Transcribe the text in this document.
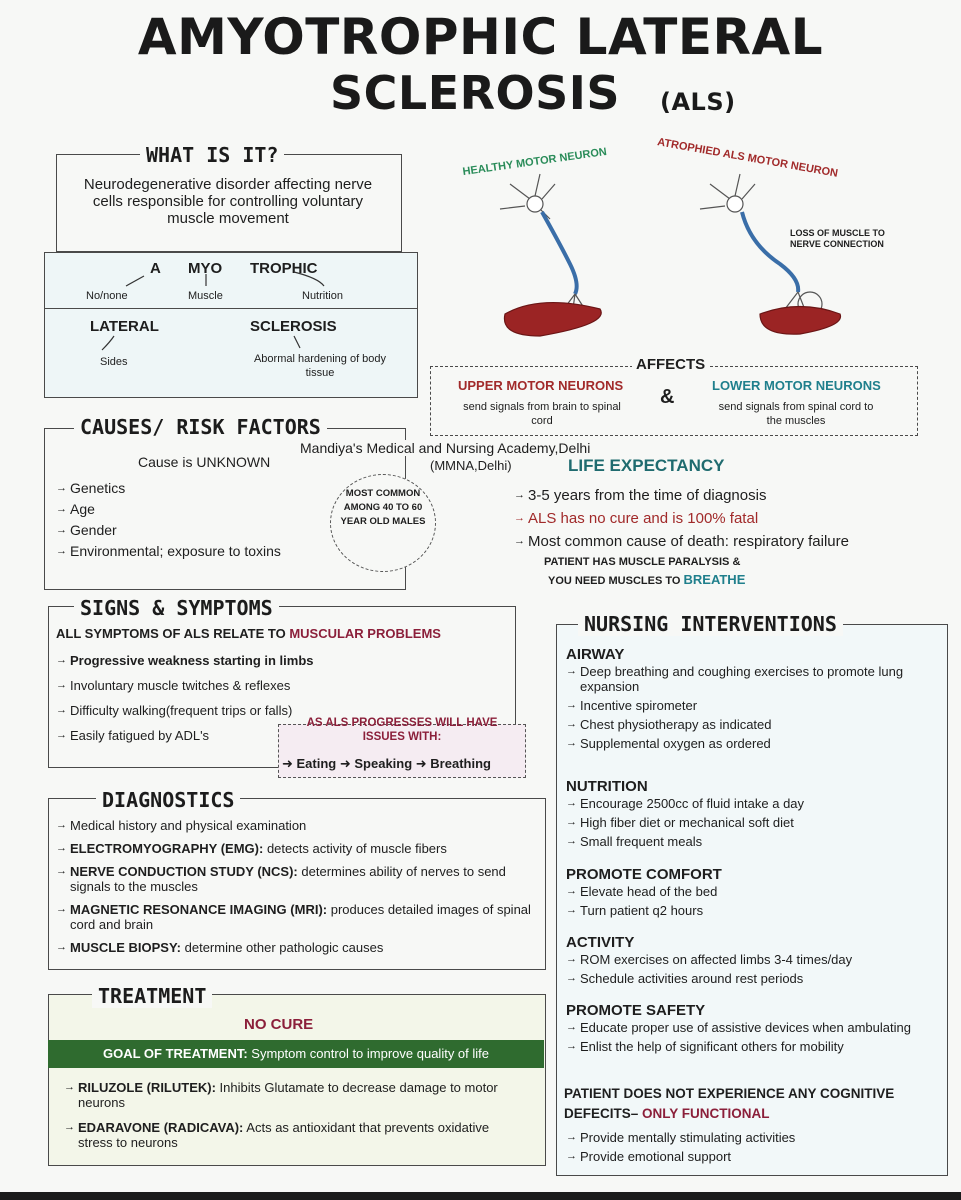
AMYOTROPHIC LATERAL
SCLEROSIS (ALS)
WHAT IS IT?
Neurodegenerative disorder affecting nerve cells responsible for controlling voluntary muscle movement
A
No/none
MYO
Muscle
TROPHIC
Nutrition
LATERAL
Sides
SCLEROSIS
Abormal hardening of body tissue
HEALTHY MOTOR NEURON	ATROPHIED ALS MOTOR NEURON
LOSS OF MUSCLE TO NERVE CONNECTION
AFFECTS
UPPER MOTOR NEURONS
send signals from brain to spinal cord
&
LOWER MOTOR NEURONS
send signals from spinal cord to the muscles
CAUSES/ RISK FACTORS
Cause is UNKNOWN
→ Genetics
→ Age
→ Gender
→ Environmental; exposure to toxins
MOST COMMON AMONG 40 TO 60 YEAR OLD MALES
Mandiya's Medical and Nursing Academy,Delhi
(MMNA,Delhi)	LIFE EXPECTANCY
→ 3-5 years from the time of diagnosis
→ ALS has no cure and is 100% fatal
→ Most common cause of death: respiratory failure
PATIENT HAS MUSCLE PARALYSIS &
YOU NEED MUSCLES TO BREATHE
SIGNS & SYMPTOMS
ALL SYMPTOMS OF ALS RELATE TO MUSCULAR PROBLEMS
→ Progressive weakness starting in limbs
→ Involuntary muscle twitches & reflexes
→ Difficulty walking(frequent trips or falls)
→ Easily fatigued by ADL's
AS ALS PROGRESSES WILL HAVE ISSUES WITH:
➜ Eating ➜ Speaking ➜ Breathing
DIAGNOSTICS
→ Medical history and physical examination
→ ELECTROMYOGRAPHY (EMG): detects activity of muscle fibers
→ NERVE CONDUCTION STUDY (NCS): determines ability of nerves to send signals to the muscles
→ MAGNETIC RESONANCE IMAGING (MRI): produces detailed images of spinal cord and brain
→ MUSCLE BIOPSY: determine other pathologic causes
TREATMENT
NO CURE
GOAL OF TREATMENT: Symptom control to improve quality of life
→ RILUZOLE (RILUTEK): Inhibits Glutamate to decrease damage to motor neurons
→ EDARAVONE (RADICAVA): Acts as antioxidant that prevents oxidative stress to neurons
NURSING INTERVENTIONS
AIRWAY
→ Deep breathing and coughing exercises to promote lung expansion
→ Incentive spirometer
→ Chest physiotherapy as indicated
→ Supplemental oxygen as ordered
NUTRITION
→ Encourage 2500cc of fluid intake a day
→ High fiber diet or mechanical soft diet
→ Small frequent meals
PROMOTE COMFORT
→ Elevate head of the bed
→ Turn patient q2 hours
ACTIVITY
→ ROM exercises on affected limbs 3-4 times/day
→ Schedule activities around rest periods
PROMOTE SAFETY
→ Educate proper use of assistive devices when ambulating
→ Enlist the help of significant others for mobility
PATIENT DOES NOT EXPERIENCE ANY COGNITIVE DEFECITS– ONLY FUNCTIONAL
→ Provide mentally stimulating activities
→ Provide emotional support
